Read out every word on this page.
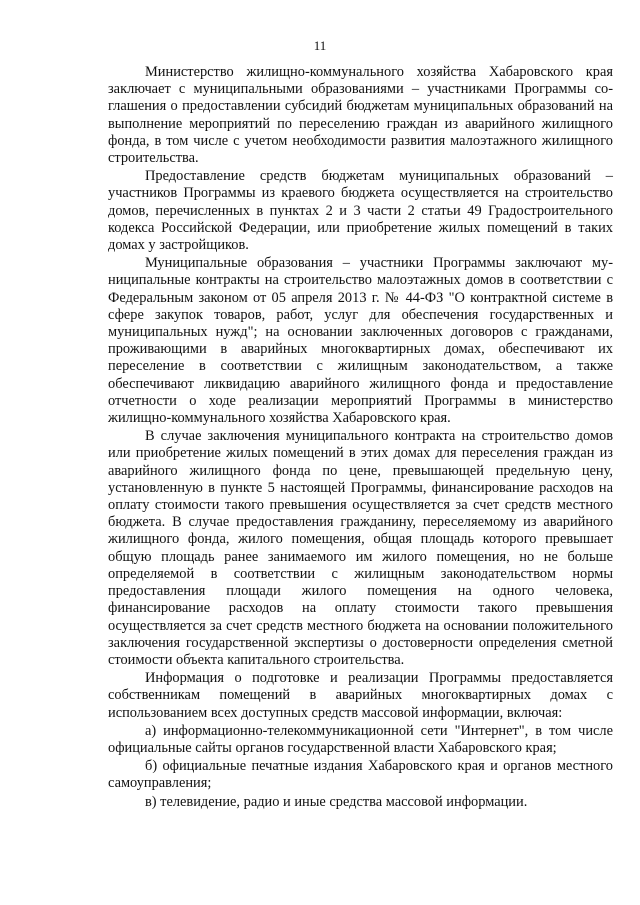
11

Министерство жилищно-коммунального хозяйства Хабаровского края заключает с муниципальными образованиями – участниками Программы соглашения о предоставлении субсидий бюджетам муниципальных образований на выполнение мероприятий по переселению граждан из аварийного жилищного фонда, в том числе с учетом необходимости развития малоэтажного жилищного строительства.

Предоставление средств бюджетам муниципальных образований – участников Программы из краевого бюджета осуществляется на строительство домов, перечисленных в пунктах 2 и 3 части 2 статьи 49 Градостроительного кодекса Российской Федерации, или приобретение жилых помещений в таких домах у застройщиков.

Муниципальные образования – участники Программы заключают муниципальные контракты на строительство малоэтажных домов в соответствии с Федеральным законом от 05 апреля 2013 г. № 44-ФЗ "О контрактной системе в сфере закупок товаров, работ, услуг для обеспечения государственных и муниципальных нужд"; на основании заключенных договоров с гражданами, проживающими в аварийных многоквартирных домах, обеспечивают их переселение в соответствии с жилищным законодательством, а также обеспечивают ликвидацию аварийного жилищного фонда и предоставление отчетности о ходе реализации мероприятий Программы в министерство жилищно-коммунального хозяйства Хабаровского края.

В случае заключения муниципального контракта на строительство домов или приобретение жилых помещений в этих домах для переселения граждан из аварийного жилищного фонда по цене, превышающей предельную цену, установленную в пункте 5 настоящей Программы, финансирование расходов на оплату стоимости такого превышения осуществляется за счет средств местного бюджета. В случае предоставления гражданину, переселяемому из аварийного жилищного фонда, жилого помещения, общая площадь которого превышает общую площадь ранее занимаемого им жилого помещения, но не больше определяемой в соответствии с жилищным законодательством нормы предоставления площади жилого помещения на одного человека, финансирование расходов на оплату стоимости такого превышения осуществляется за счет средств местного бюджета на основании положительного заключения государственной экспертизы о достоверности определения сметной стоимости объекта капитального строительства.

Информация о подготовке и реализации Программы предоставляется собственникам помещений в аварийных многоквартирных домах с использованием всех доступных средств массовой информации, включая:

а) информационно-телекоммуникационной сети "Интернет", в том числе официальные сайты органов государственной власти Хабаровского края;

б) официальные печатные издания Хабаровского края и органов местного самоуправления;

в) телевидение, радио и иные средства массовой информации.
